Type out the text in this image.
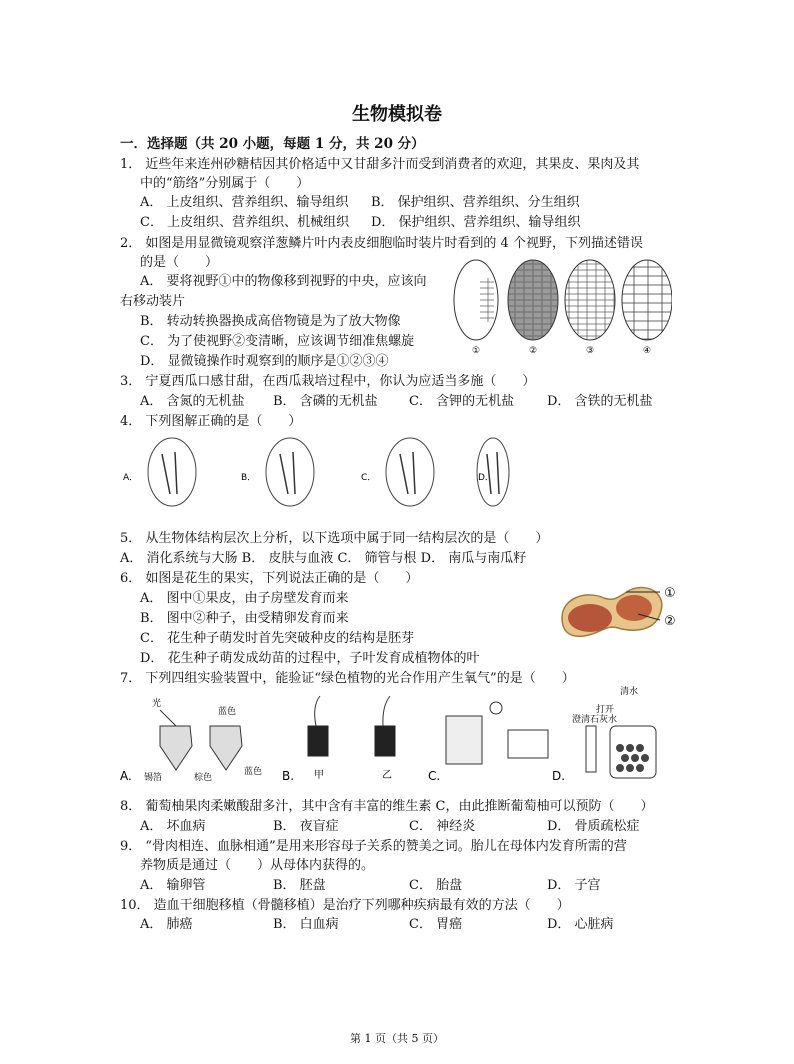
生物模拟卷
一．选择题（共 20 小题，每题 1 分，共 20 分）
1． 近些年来连州砂糖桔因其价格适中又甘甜多汁而受到消费者的欢迎，其果皮、果肉及其
中的“筋络”分别属于（　　）
A． 上皮组织、营养组织、输导组织 B． 保护组织、营养组织、分生组织
C． 上皮组织、营养组织、机械组织 D． 保护组织、营养组织、输导组织
2． 如图是用显微镜观察洋葱鳞片叶内表皮细胞临时装片时看到的 4 个视野，下列描述错误
的是（　　）
A． 要将视野①中的物像移到视野的中央，应该向
右移动装片
B． 转动转换器换成高倍物镜是为了放大物像
C． 为了使视野②变清晰，应该调节细准焦螺旋
D． 显微镜操作时观察到的顺序是①②③④
①	②	③	④
3． 宁夏西瓜口感甘甜，在西瓜栽培过程中，你认为应适当多施（　　）
A． 含氮的无机盐 B． 含磷的无机盐 C． 含钾的无机盐	D． 含铁的无机盐
4． 下列图解正确的是（　　）
A．	B．	C．	D．
5． 从生物体结构层次上分析，以下选项中属于同一结构层次的是（　　）
A． 消化系统与大肠 B． 皮肤与血液 C． 筛管与根 D． 南瓜与南瓜籽
6． 如图是花生的果实，下列说法正确的是（　　）
A． 图中①果皮，由子房壁发育而来
B． 图中②种子，由受精卵发育而来
C． 花生种子萌发时首先突破种皮的结构是胚芽
D． 花生种子萌发成幼苗的过程中，子叶发育成植物体的叶
①
②
7． 下列四组实验装置中，能验证“绿色植物的光合作用产生氧气”的是（　　）
A.
光
蓝色
锡箔	棕色
蓝色 B. 甲	乙	C.	D.
清水
打开
澄清石灰水
8． 葡萄柚果肉柔嫩酸甜多汁，其中含有丰富的维生素 C，由此推断葡萄柚可以预防（　　）
A． 坏血病	B． 夜盲症	C． 神经炎	D． 骨质疏松症
9． “骨肉相连、血脉相通”是用来形容母子关系的赞美之词。胎儿在母体内发育所需的营
养物质是通过（　　）从母体内获得的。
A． 输卵管	B． 胚盘	C． 胎盘	D． 子宫
10． 造血干细胞移植（骨髓移植）是治疗下列哪种疾病最有效的方法（　　）
A． 肺癌	B． 白血病	C． 胃癌	D． 心脏病
第 1 页（共 5 页）
